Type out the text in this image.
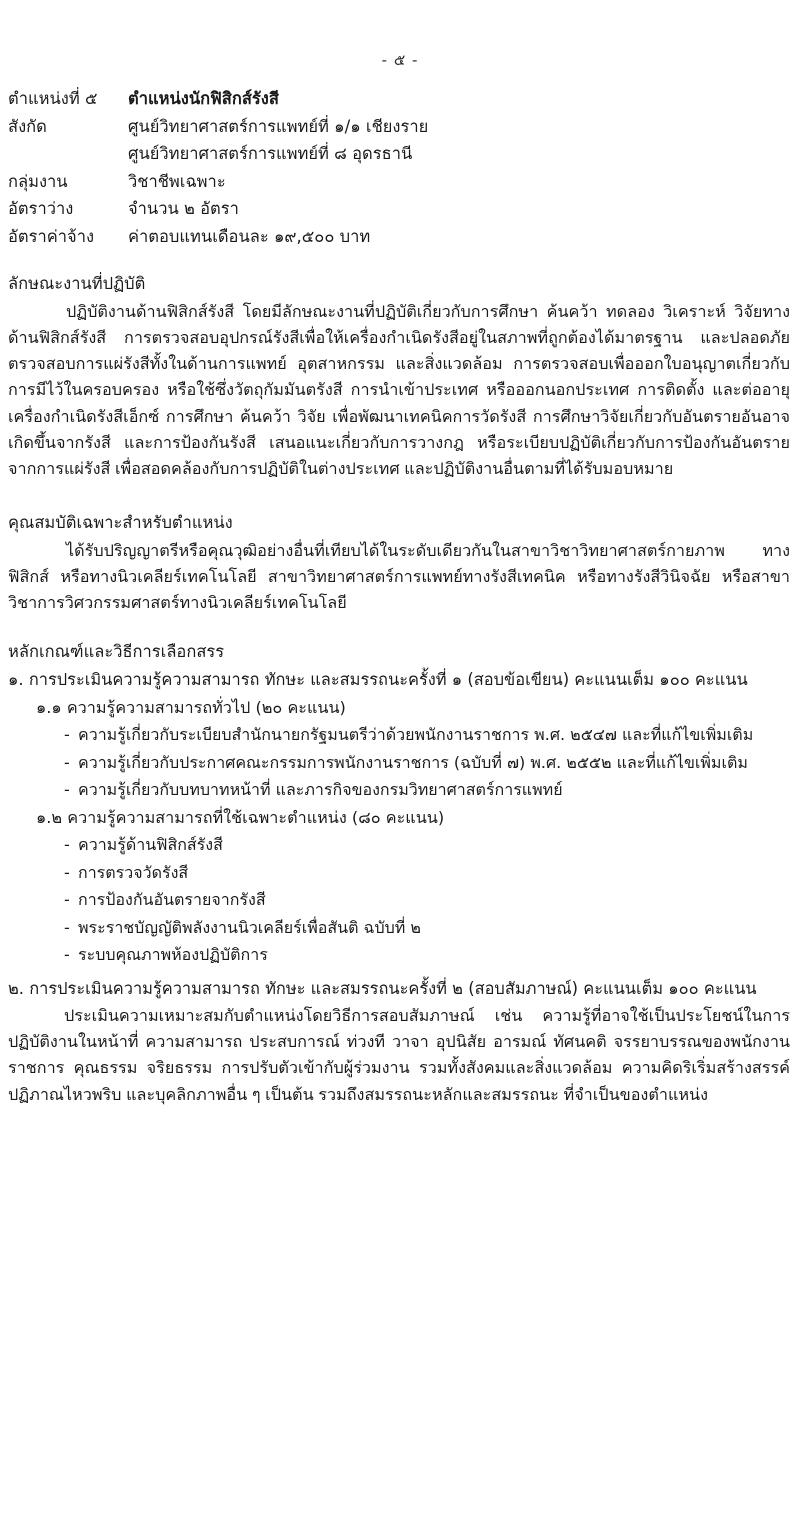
- ๕ -
ตำแหน่งที่ ๕	ตำแหน่งนักฟิสิกส์รังสี
สังกัด	ศูนย์วิทยาศาสตร์การแพทย์ที่ ๑/๑ เชียงราย
ศูนย์วิทยาศาสตร์การแพทย์ที่ ๘ อุดรธานี
กลุ่มงาน	วิชาชีพเฉพาะ
อัตราว่าง	จำนวน ๒ อัตรา
อัตราค่าจ้าง	ค่าตอบแทนเดือนละ ๑๙,๕๐๐ บาท
ลักษณะงานที่ปฏิบัติ

ปฏิบัติงานด้านฟิสิกส์รังสี โดยมีลักษณะงานที่ปฏิบัติเกี่ยวกับการศึกษา ค้นคว้า ทดลอง วิเคราะห์ วิจัยทางด้านฟิสิกส์รังสี การตรวจสอบอุปกรณ์รังสีเพื่อให้เครื่องกำเนิดรังสีอยู่ในสภาพที่ถูกต้องได้มาตรฐาน และปลอดภัย ตรวจสอบการแผ่รังสีทั้งในด้านการแพทย์ อุตสาหกรรม และสิ่งแวดล้อม การตรวจสอบเพื่อออกใบอนุญาตเกี่ยวกับการมีไว้ในครอบครอง หรือใช้ซึ่งวัตถุกัมมันตรังสี การนำเข้าประเทศ หรือออกนอกประเทศ การติดตั้ง และต่ออายุเครื่องกำเนิดรังสีเอ็กซ์ การศึกษา ค้นคว้า วิจัย เพื่อพัฒนาเทคนิคการวัดรังสี การศึกษาวิจัยเกี่ยวกับอันตรายอันอาจเกิดขึ้นจากรังสี และการป้องกันรังสี เสนอแนะเกี่ยวกับการวางกฎ หรือระเบียบปฏิบัติเกี่ยวกับการป้องกันอันตรายจากการแผ่รังสี เพื่อสอดคล้องกับการปฏิบัติในต่างประเทศ และปฏิบัติงานอื่นตามที่ได้รับมอบหมาย

คุณสมบัติเฉพาะสำหรับตำแหน่ง

ได้รับปริญญาตรีหรือคุณวุฒิอย่างอื่นที่เทียบได้ในระดับเดียวกันในสาขาวิชาวิทยาศาสตร์กายภาพ ทางฟิสิกส์ หรือทางนิวเคลียร์เทคโนโลยี สาขาวิทยาศาสตร์การแพทย์ทางรังสีเทคนิค หรือทางรังสีวินิจฉัย หรือสาขาวิชาการวิศวกรรมศาสตร์ทางนิวเคลียร์เทคโนโลยี

หลักเกณฑ์และวิธีการเลือกสรร
๑. การประเมินความรู้ความสามารถ ทักษะ และสมรรถนะครั้งที่ ๑ (สอบข้อเขียน) คะแนนเต็ม ๑๐๐ คะแนน
๑.๑ ความรู้ความสามารถทั่วไป (๒๐ คะแนน)
- ความรู้เกี่ยวกับระเบียบสำนักนายกรัฐมนตรีว่าด้วยพนักงานราชการ พ.ศ. ๒๕๔๗ และที่แก้ไขเพิ่มเติม
- ความรู้เกี่ยวกับประกาศคณะกรรมการพนักงานราชการ (ฉบับที่ ๗) พ.ศ. ๒๕๕๒ และที่แก้ไขเพิ่มเติม
- ความรู้เกี่ยวกับบทบาทหน้าที่ และภารกิจของกรมวิทยาศาสตร์การแพทย์
๑.๒ ความรู้ความสามารถที่ใช้เฉพาะตำแหน่ง (๘๐ คะแนน)
- ความรู้ด้านฟิสิกส์รังสี
- การตรวจวัดรังสี
- การป้องกันอันตรายจากรังสี
- พระราชบัญญัติพลังงานนิวเคลียร์เพื่อสันติ ฉบับที่ ๒
- ระบบคุณภาพห้องปฏิบัติการ
๒. การประเมินความรู้ความสามารถ ทักษะ และสมรรถนะครั้งที่ ๒ (สอบสัมภาษณ์) คะแนนเต็ม ๑๐๐ คะแนน

ประเมินความเหมาะสมกับตำแหน่งโดยวิธีการสอบสัมภาษณ์ เช่น ความรู้ที่อาจใช้เป็นประโยชน์ในการปฏิบัติงานในหน้าที่ ความสามารถ ประสบการณ์ ท่วงที วาจา อุปนิสัย อารมณ์ ทัศนคติ จรรยาบรรณของพนักงานราชการ คุณธรรม จริยธรรม การปรับตัวเข้ากับผู้ร่วมงาน รวมทั้งสังคมและสิ่งแวดล้อม ความคิดริเริ่มสร้างสรรค์ ปฏิภาณไหวพริบ และบุคลิกภาพอื่น ๆ เป็นต้น รวมถึงสมรรถนะหลักและสมรรถนะ ที่จำเป็นของตำแหน่ง
